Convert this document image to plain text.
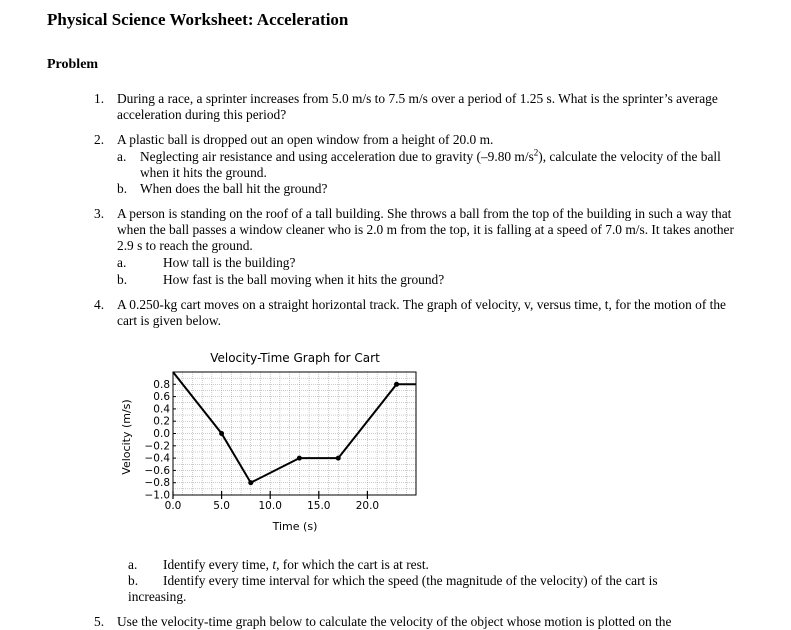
Physical Science Worksheet: Acceleration
Problem
1. During a race, a sprinter increases from 5.0 m/s to 7.5 m/s over a period of 1.25 s. What is the sprinter’s average acceleration during this period?
2. A plastic ball is dropped out an open window from a height of 20.0 m.
a. Neglecting air resistance and using acceleration due to gravity (–9.80 $m/s^2$), calculate the velocity of the ball when it hits the ground.
b. When does the ball hit the ground?
3. A person is standing on the roof of a tall building. She throws a ball from the top of the building in such a way that when the ball passes a window cleaner who is 2.0 m from the top, it is falling at a speed of 7.0 m/s. It takes another 2.9 s to reach the ground.
a.	How tall is the building?
b.	How fast is the ball moving when it hits the ground?
4. A 0.250-kg cart moves on a straight horizontal track. The graph of velocity, v, versus time, t, for the motion of the cart is given below.
0.8
0.6
0.4
0.2
0.0
−0.2
−0.4
−0.6
−0.8
−1.0
0.0	5.0	10.0 15.0 20.0
Velocity-Time Graph for Cart
Time (s)
Velocity (m/s)
a. Identify every time, t, for which the cart is at rest.
b.	Identify every time interval for which the speed (the magnitude of the velocity) of the cart is increasing.
5. Use the velocity-time graph below to calculate the velocity of the object whose motion is plotted on the
